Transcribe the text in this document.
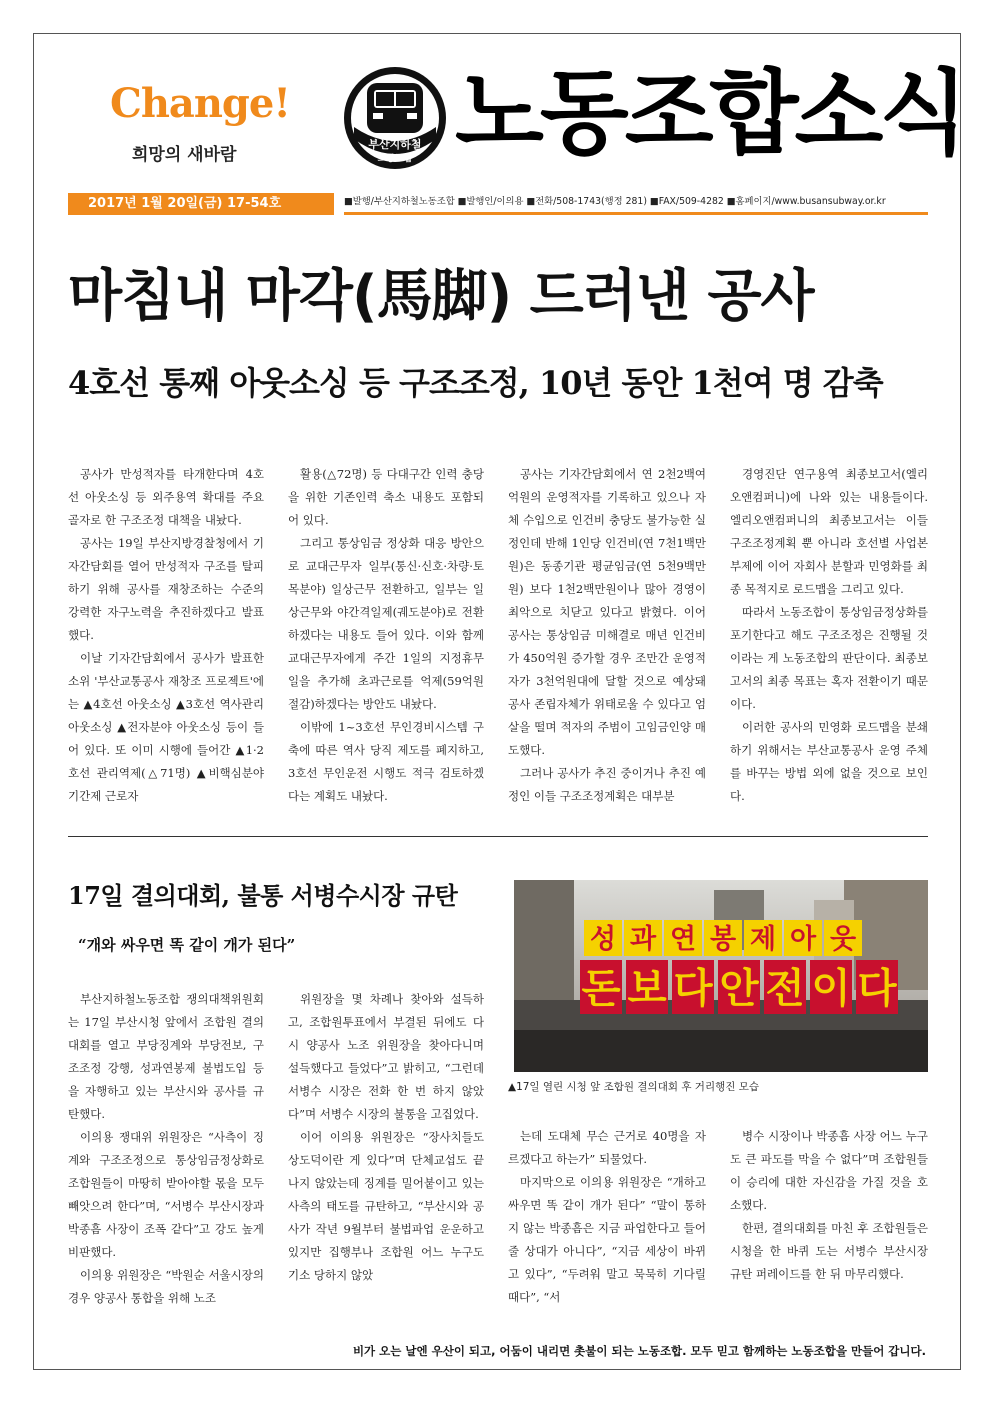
Change!
희망의 새바람
부산지하철
노동조합 노동조합소식
2017년 1월 20일(금) 17-54호	■발행/부산지하철노동조합 ■발행인/이의용 ■전화/508-1743(행정 281) ■FAX/509-4282 ■홈페이지/www.busansubway.or.kr
마침내 마각(馬脚) 드러낸 공사
4호선 통째 아웃소싱 등 구조조정, 10년 동안 1천여 명 감축

공사가 만성적자를 타개한다며 4호선 아웃소싱 등 외주용역 확대를 주요 골자로 한 구조조정 대책을 내놨다.

공사는 19일 부산지방경찰청에서 기자간담회를 열어 만성적자 구조를 탈피하기 위해 공사를 재창조하는 수준의 강력한 자구노력을 추진하겠다고 발표했다.

이날 기자간담회에서 공사가 발표한 소위 '부산교통공사 재창조 프로젝트'에는 ▲4호선 아웃소싱 ▲3호선 역사관리 아웃소싱 ▲전자분야 아웃소싱 등이 들어 있다. 또 이미 시행에 들어간 ▲1·2호선 관리역제(△71명) ▲비핵심분야 기간제 근로자

활용(△72명) 등 다대구간 인력 충당을 위한 기존인력 축소 내용도 포함되어 있다.

그리고 통상임금 정상화 대응 방안으로 교대근무자 일부(통신·신호·차량·토목분야) 일상근무 전환하고, 일부는 일상근무와 야간격일제(궤도분야)로 전환하겠다는 내용도 들어 있다. 이와 함께 교대근무자에게 주간 1일의 지정휴무일을 추가해 초과근로를 억제(59억원 절감)하겠다는 방안도 내놨다.

이밖에 1~3호선 무인경비시스템 구축에 따른 역사 당직 제도를 폐지하고, 3호선 무인운전 시행도 적극 검토하겠다는 계획도 내놨다.

공사는 기자간담회에서 연 2천2백여억원의 운영적자를 기록하고 있으나 자체 수입으로 인건비 충당도 불가능한 실정인데 반해 1인당 인건비(연 7천1백만원)은 동종기관 평균임금(연 5천9백만원) 보다 1천2백만원이나 많아 경영이 최악으로 치닫고 있다고 밝혔다. 이어 공사는 통상임금 미해결로 매년 인건비가 450억원 증가할 경우 조만간 운영적자가 3천억원대에 달할 것으로 예상돼 공사 존립자체가 위태로울 수 있다고 엄살을 떨며 적자의 주범이 고임금인양 매도했다.

그러나 공사가 추진 중이거나 추진 예정인 이들 구조조정계획은 대부분

경영진단 연구용역 최종보고서(엘리오앤컴퍼니)에 나와 있는 내용들이다. 엘리오앤컴퍼니의 최종보고서는 이들 구조조정계획 뿐 아니라 호선별 사업본부제에 이어 자회사 분할과 민영화를 최종 목적지로 로드맵을 그리고 있다.

따라서 노동조합이 통상임금정상화를 포기한다고 해도 구조조정은 진행될 것이라는 게 노동조합의 판단이다. 최종보고서의 최종 목표는 혹자 전환이기 때문이다.

이러한 공사의 민영화 로드맵을 분쇄하기 위해서는 부산교통공사 운영 주체를 바꾸는 방법 외에 없을 것으로 보인다.

17일 결의대회, 불통 서병수시장 규탄
“개와 싸우면 똑 같이 개가 된다”	성 과 연 봉 제 아 웃
돈 보 다 안 전 이 다
▲17일 열린 시청 앞 조합원 결의대회 후 거리행진 모습

부산지하철노동조합 쟁의대책위원회는 17일 부산시청 앞에서 조합원 결의대회를 열고 부당징계와 부당전보, 구조조정 강행, 성과연봉제 불법도입 등을 자행하고 있는 부산시와 공사를 규탄했다.

이의용 쟁대위 위원장은 “사측이 징계와 구조조정으로 통상임금정상화로 조합원들이 마땅히 받아야할 몫을 모두 빼앗으려 한다”며, “서병수 부산시장과 박종흠 사장이 조폭 같다”고 강도 높게 비판했다.

이의용 위원장은 “박원순 서울시장의 경우 양공사 통합을 위해 노조

위원장을 몇 차례나 찾아와 설득하고, 조합원투표에서 부결된 뒤에도 다시 양공사 노조 위원장을 찾아다니며 설득했다고 들었다”고 밝히고, “그런데 서병수 시장은 전화 한 번 하지 않았다”며 서병수 시장의 불통을 고집었다.

이어 이의용 위원장은 “장사치들도 상도덕이란 게 있다”며 단체교섭도 끝나지 않았는데 징계를 밀어붙이고 있는 사측의 태도를 규탄하고, “부산시와 공사가 작년 9월부터 불법파업 운운하고 있지만 집행부나 조합원 어느 누구도 기소 당하지 않았

는데 도대체 무슨 근거로 40명을 자르겠다고 하는가” 되물었다.

마지막으로 이의용 위원장은 “개하고 싸우면 똑 같이 개가 된다” “말이 통하지 않는 박종흠은 지금 파업한다고 들어줄 상대가 아니다”, “지금 세상이 바뀌고 있다”, “두려워 말고 묵묵히 기다릴 때다”, “서

병수 시장이나 박종흠 사장 어느 누구도 큰 파도를 막을 수 없다”며 조합원들이 승리에 대한 자신감을 가질 것을 호소했다.

한편, 결의대회를 마친 후 조합원들은 시청을 한 바퀴 도는 서병수 부산시장 규탄 퍼레이드를 한 뒤 마무리했다.

비가 오는 날엔 우산이 되고, 어둠이 내리면 촛불이 되는 노동조합. 모두 믿고 함께하는 노동조합을 만들어 갑니다.
